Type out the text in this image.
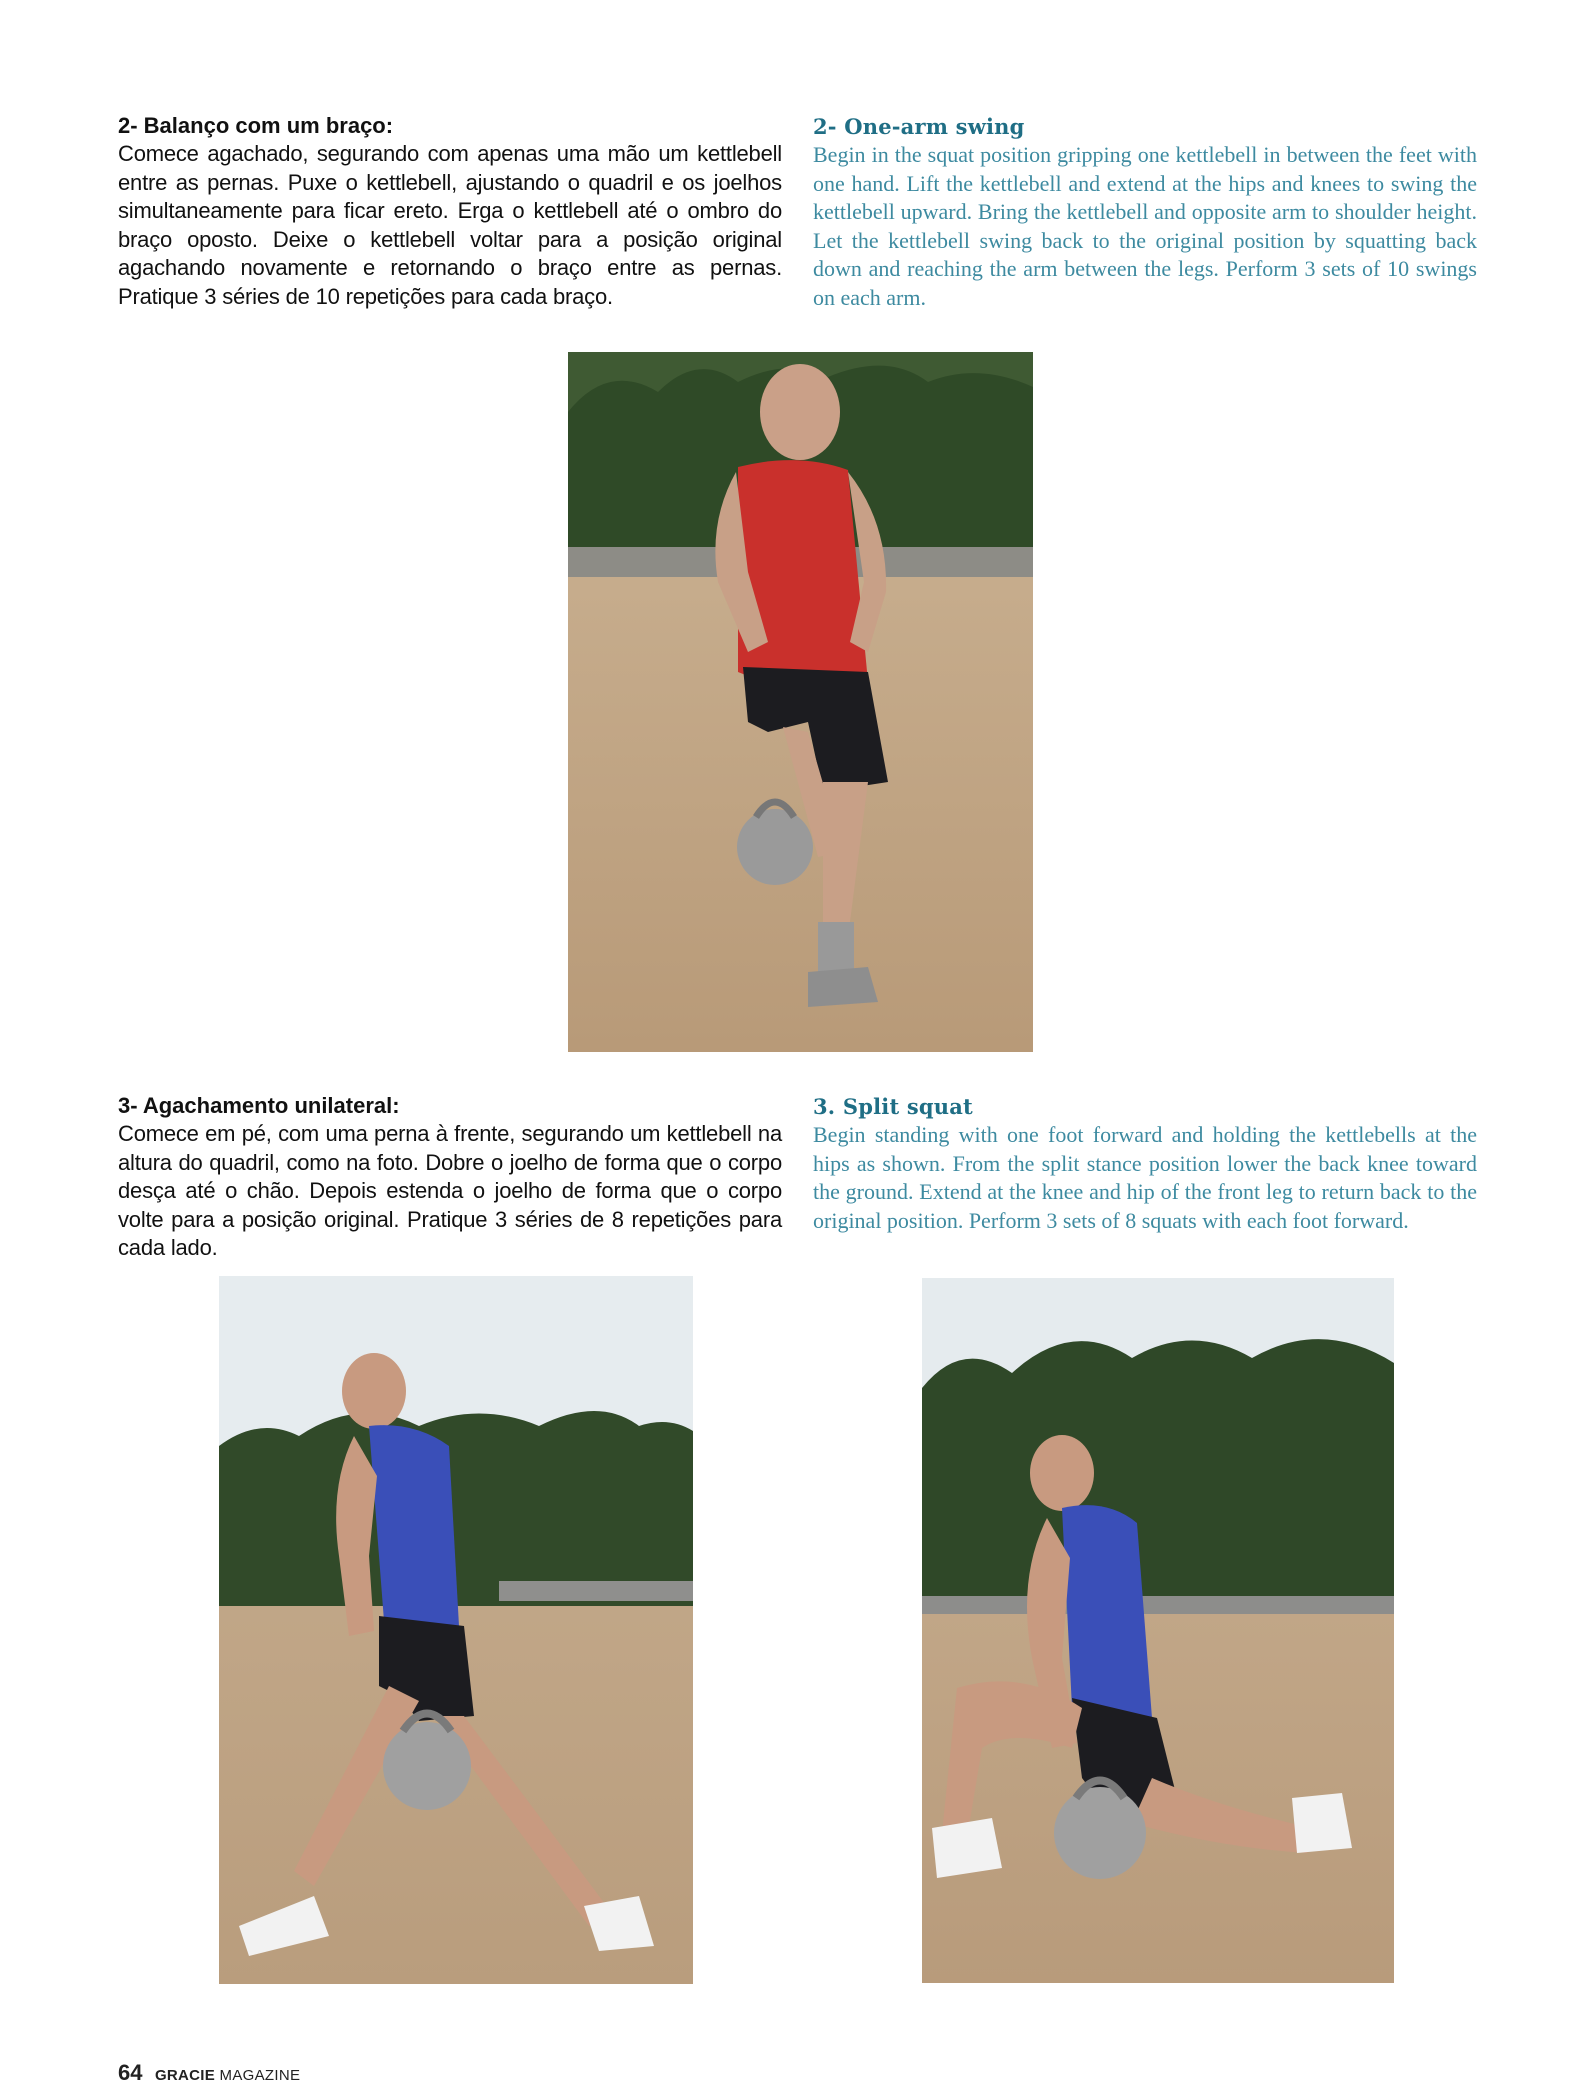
2- Balanço com um braço:

Comece agachado, segurando com apenas uma mão um kettlebell entre as pernas. Puxe o kettlebell, ajustando o quadril e os joelhos simultaneamente para ficar ereto. Erga o kettlebell até o ombro do braço oposto. Deixe o kettlebell voltar para a posição original agachando novamente e retornando o braço entre as pernas. Pratique 3 séries de 10 repetições para cada braço.

2- One-arm swing

Begin in the squat position gripping one kettlebell in between the feet with one hand. Lift the kettlebell and extend at the hips and knees to swing the kettlebell upward. Bring the kettlebell and opposite arm to shoulder height. Let the kettlebell swing back to the original position by squatting back down and reaching the arm between the legs. Perform 3 sets of 10 swings on each arm.

3- Agachamento unilateral:

Comece em pé, com uma perna à frente, segurando um kettlebell na altura do quadril, como na foto. Dobre o joelho de forma que o corpo desça até o chão. Depois estenda o joelho de forma que o corpo volte para a posição original. Pratique 3 séries de 8 repetições para cada lado.

3. Split squat

Begin standing with one foot forward and holding the kettlebells at the hips as shown. From the split stance position lower the back knee toward the ground. Extend at the knee and hip of the front leg to return back to the original position. Perform 3 sets of 8 squats with each foot forward.

64 GRACIE MAGAZINE
